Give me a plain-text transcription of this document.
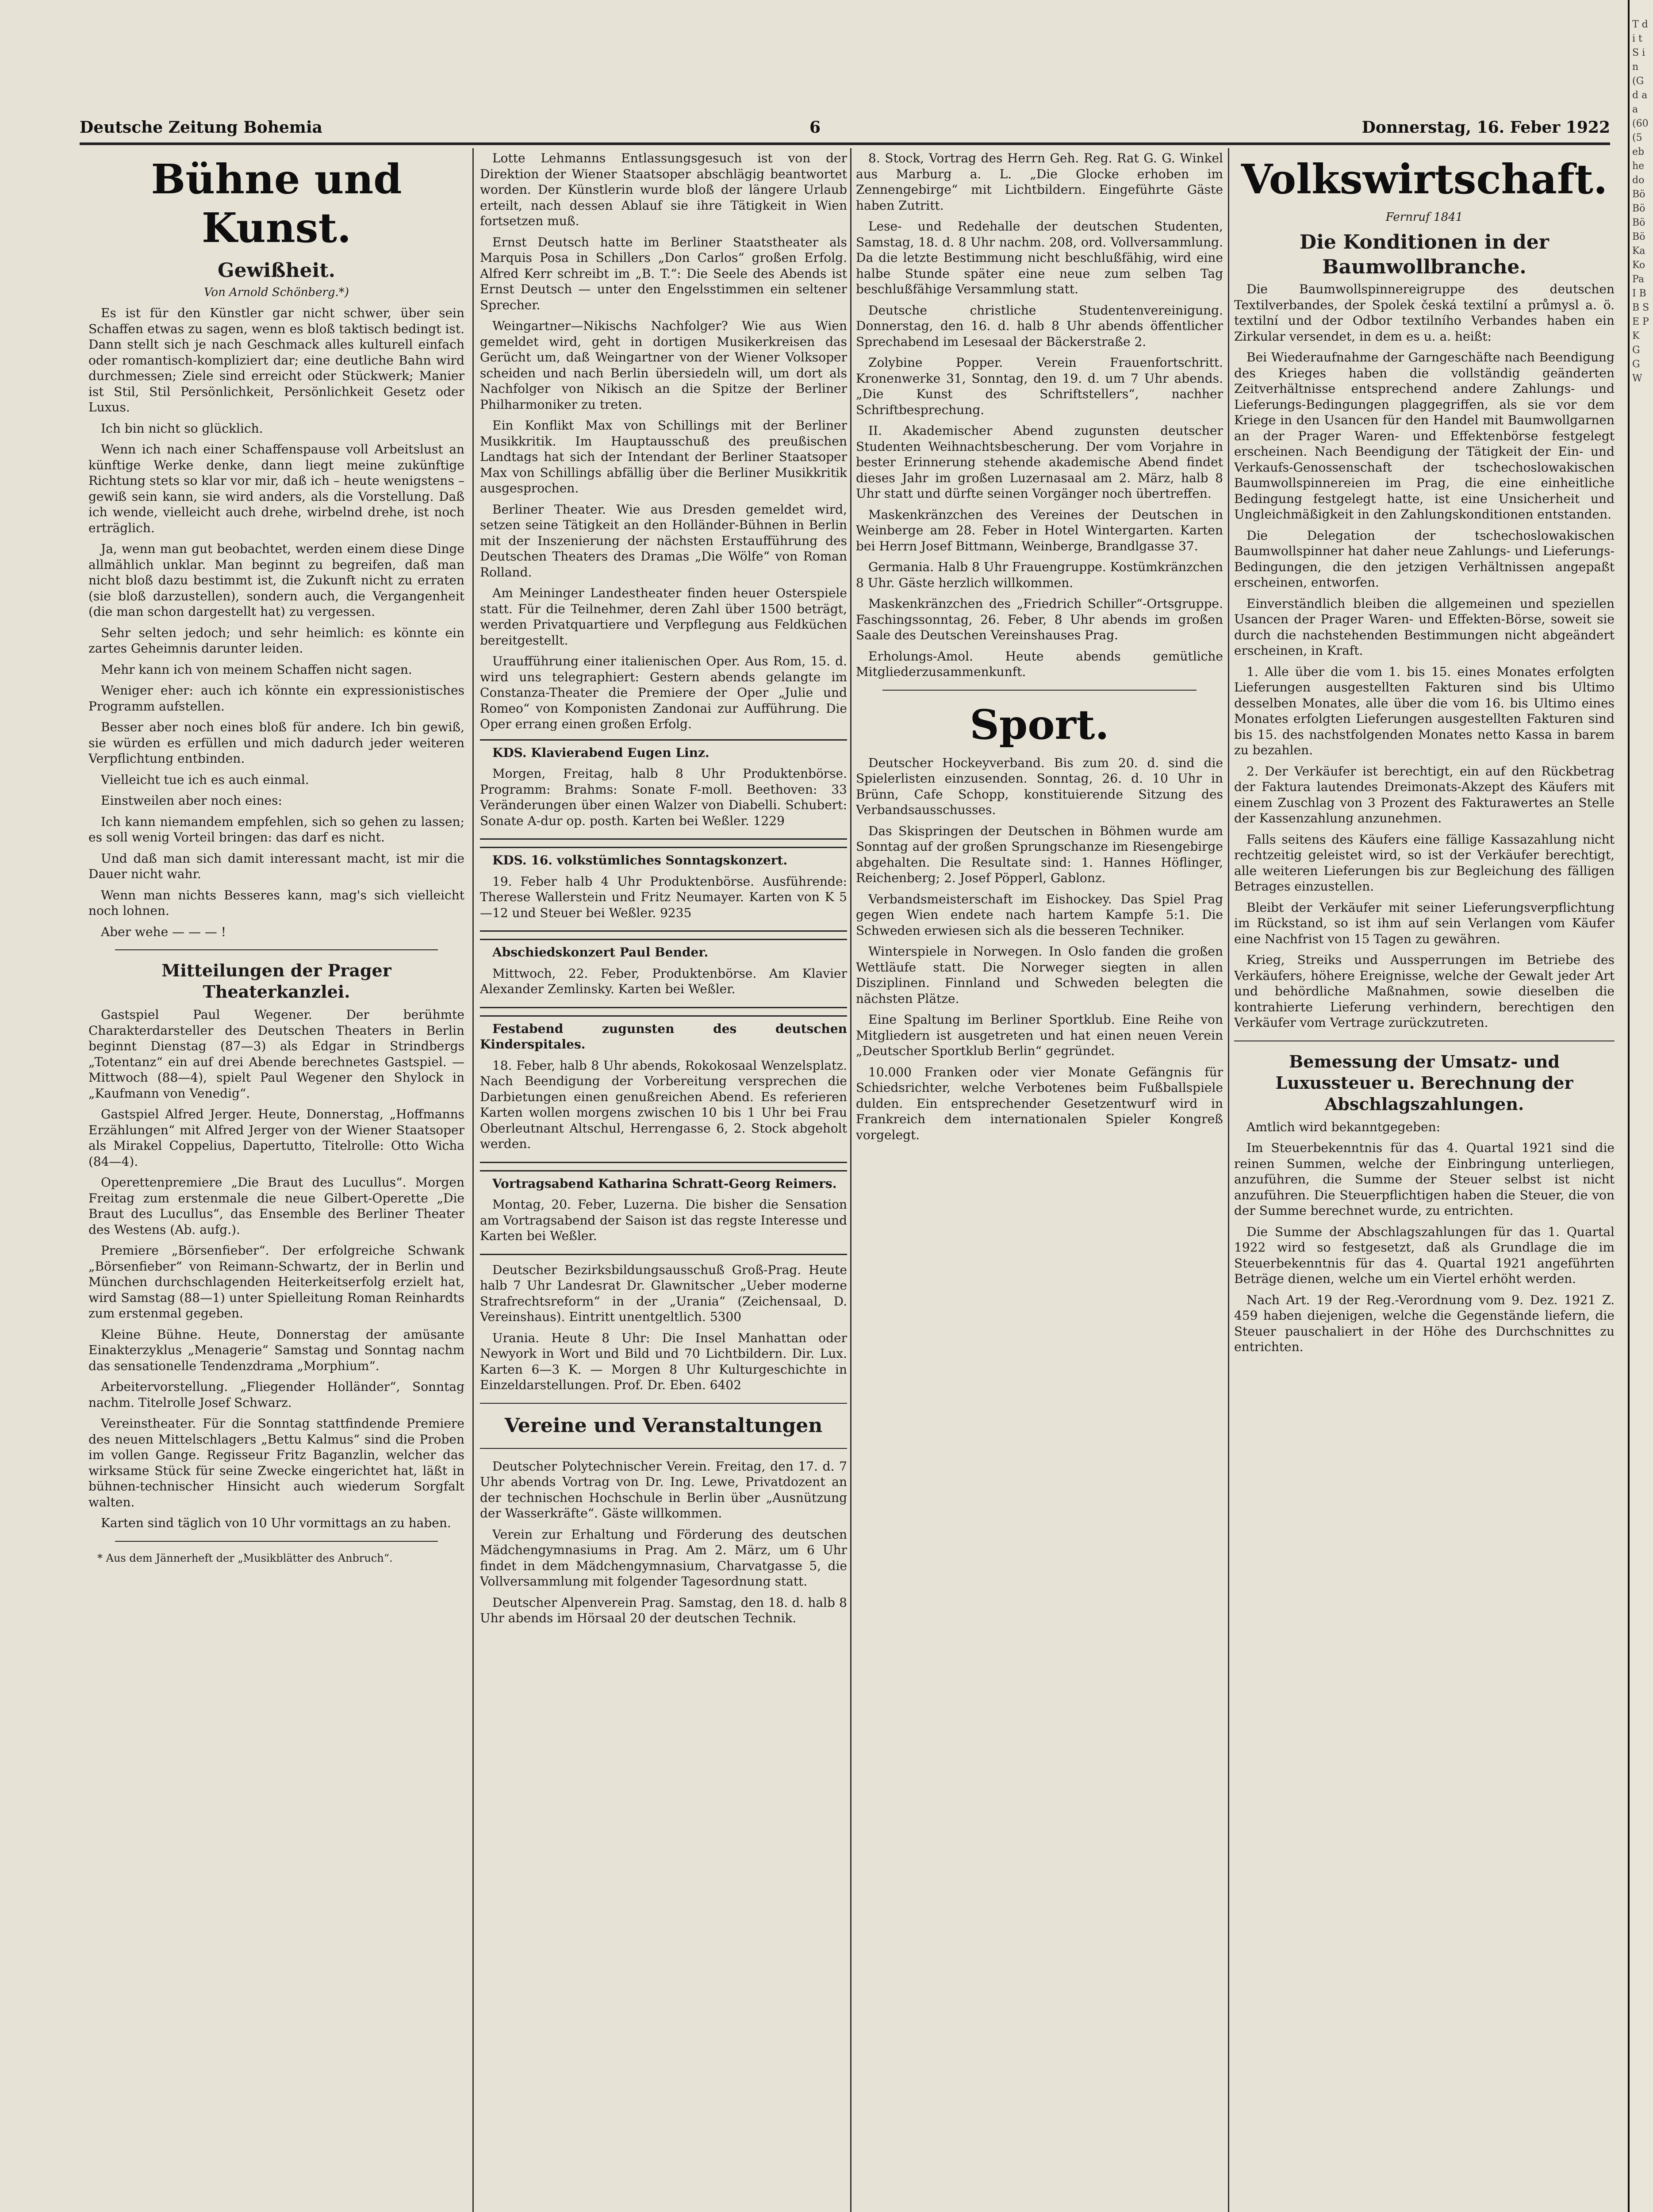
Deutsche Zeitung Bohemia	6	Donnerstag, 16. Feber 1922
Bühne und Kunst.
Gewißheit.
Von Arnold Schönberg.*)

Es ist für den Künstler gar nicht schwer, über sein Schaffen etwas zu sagen, wenn es bloß taktisch bedingt ist. Dann stellt sich je nach Geschmack alles kulturell einfach oder romantisch-kompliziert dar; eine deutliche Bahn wird durchmessen; Ziele sind erreicht oder Stückwerk; Manier ist Stil, Stil Persönlichkeit, Persönlichkeit Gesetz oder Luxus.

Ich bin nicht so glücklich.

Wenn ich nach einer Schaffenspause voll Arbeitslust an künftige Werke denke, dann liegt meine zukünftige Richtung stets so klar vor mir, daß ich – heute wenigstens – gewiß sein kann, sie wird anders, als die Vorstellung. Daß ich wende, vielleicht auch drehe, wirbelnd drehe, ist noch erträglich.

Ja, wenn man gut beobachtet, werden einem diese Dinge allmählich unklar. Man beginnt zu begreifen, daß man nicht bloß dazu bestimmt ist, die Zukunft nicht zu erraten (sie bloß darzustellen), sondern auch, die Vergangenheit (die man schon dargestellt hat) zu vergessen.

Sehr selten jedoch; und sehr heimlich: es könnte ein zartes Geheimnis darunter leiden.

Mehr kann ich von meinem Schaffen nicht sagen.

Weniger eher: auch ich könnte ein expressionistisches Programm aufstellen.

Besser aber noch eines bloß für andere. Ich bin gewiß, sie würden es erfüllen und mich dadurch jeder weiteren Verpflichtung entbinden.

Vielleicht tue ich es auch einmal.

Einstweilen aber noch eines:

Ich kann niemandem empfehlen, sich so gehen zu lassen; es soll wenig Vorteil bringen: das darf es nicht.

Und daß man sich damit interessant macht, ist mir die Dauer nicht wahr.

Wenn man nichts Besseres kann, mag's sich vielleicht noch lohnen.

Aber wehe — — — !

Mitteilungen der Prager Theaterkanzlei.

Gastspiel Paul Wegener. Der berühmte Charakterdarsteller des Deutschen Theaters in Berlin beginnt Dienstag (87—3) als Edgar in Strindbergs „Totentanz“ ein auf drei Abende berechnetes Gastspiel. — Mittwoch (88—4), spielt Paul Wegener den Shylock in „Kaufmann von Venedig“.

Gastspiel Alfred Jerger. Heute, Donnerstag, „Hoffmanns Erzählungen“ mit Alfred Jerger von der Wiener Staatsoper als Mirakel Coppelius, Dapertutto, Titelrolle: Otto Wicha (84—4).

Operettenpremiere „Die Braut des Lucullus“. Morgen Freitag zum erstenmale die neue Gilbert-Operette „Die Braut des Lucullus“, das Ensemble des Berliner Theater des Westens (Ab. aufg.).

Premiere „Börsenfieber“. Der erfolgreiche Schwank „Börsenfieber“ von Reimann-Schwartz, der in Berlin und München durchschlagenden Heiterkeitserfolg erzielt hat, wird Samstag (88—1) unter Spielleitung Roman Reinhardts zum erstenmal gegeben.

Kleine Bühne. Heute, Donnerstag der amüsante Einakterzyklus „Menagerie“ Samstag und Sonntag nachm das sensationelle Tendenzdrama „Morphium“.

Arbeitervorstellung. „Fliegender Holländer“, Sonntag nachm. Titelrolle Josef Schwarz.

Vereinstheater. Für die Sonntag stattfindende Premiere des neuen Mittelschlagers „Bettu Kalmus“ sind die Proben im vollen Gange. Regisseur Fritz Baganzlin, welcher das wirksame Stück für seine Zwecke eingerichtet hat, läßt in bühnen-technischer Hinsicht auch wiederum Sorgfalt walten.

Karten sind täglich von 10 Uhr vormittags an zu haben.

* Aus dem Jännerheft der „Musikblätter des Anbruch“.

Lotte Lehmanns Entlassungsgesuch ist von der Direktion der Wiener Staatsoper abschlägig beantwortet worden. Der Künstlerin wurde bloß der längere Urlaub erteilt, nach dessen Ablauf sie ihre Tätigkeit in Wien fortsetzen muß.

Ernst Deutsch hatte im Berliner Staatstheater als Marquis Posa in Schillers „Don Carlos“ großen Erfolg. Alfred Kerr schreibt im „B. T.“: Die Seele des Abends ist Ernst Deutsch — unter den Engelsstimmen ein seltener Sprecher.

Weingartner—Nikischs Nachfolger? Wie aus Wien gemeldet wird, geht in dortigen Musikerkreisen das Gerücht um, daß Weingartner von der Wiener Volksoper scheiden und nach Berlin übersiedeln will, um dort als Nachfolger von Nikisch an die Spitze der Berliner Philharmoniker zu treten.

Ein Konflikt Max von Schillings mit der Berliner Musikkritik. Im Hauptausschuß des preußischen Landtags hat sich der Intendant der Berliner Staatsoper Max von Schillings abfällig über die Berliner Musikkritik ausgesprochen.

Berliner Theater. Wie aus Dresden gemeldet wird, setzen seine Tätigkeit an den Holländer-Bühnen in Berlin mit der Inszenierung der nächsten Erstaufführung des Deutschen Theaters des Dramas „Die Wölfe“ von Roman Rolland.

Am Meininger Landestheater finden heuer Osterspiele statt. Für die Teilnehmer, deren Zahl über 1500 beträgt, werden Privatquartiere und Verpflegung aus Feldküchen bereitgestellt.

Uraufführung einer italienischen Oper. Aus Rom, 15. d. wird uns telegraphiert: Gestern abends gelangte im Constanza-Theater die Premiere der Oper „Julie und Romeo“ von Komponisten Zandonai zur Aufführung. Die Oper errang einen großen Erfolg.

KDS. Klavierabend Eugen Linz.

Morgen, Freitag, halb 8 Uhr Produktenbörse. Programm: Brahms: Sonate F-moll. Beethoven: 33 Veränderungen über einen Walzer von Diabelli. Schubert: Sonate A-dur op. posth. Karten bei Weßler. 1229

KDS. 16. volkstümliches Sonntagskonzert.

19. Feber halb 4 Uhr Produktenbörse. Ausführende: Therese Wallerstein und Fritz Neumayer. Karten von K 5—12 und Steuer bei Weßler. 9235

Abschiedskonzert Paul Bender.

Mittwoch, 22. Feber, Produktenbörse. Am Klavier Alexander Zemlinsky. Karten bei Weßler.

Festabend zugunsten des deutschen Kinderspitales.

18. Feber, halb 8 Uhr abends, Rokokosaal Wenzelsplatz. Nach Beendigung der Vorbereitung versprechen die Darbietungen einen genußreichen Abend. Es referieren Karten wollen morgens zwischen 10 bis 1 Uhr bei Frau Oberleutnant Altschul, Herrengasse 6, 2. Stock abgeholt werden.

Vortragsabend Katharina Schratt-Georg Reimers.

Montag, 20. Feber, Luzerna. Die bisher die Sensation am Vortragsabend der Saison ist das regste Interesse und Karten bei Weßler.

Deutscher Bezirksbildungsausschuß Groß-Prag. Heute halb 7 Uhr Landesrat Dr. Glawnitscher „Ueber moderne Strafrechtsreform“ in der „Urania“ (Zeichensaal, D. Vereinshaus). Eintritt unentgeltlich. 5300

Urania. Heute 8 Uhr: Die Insel Manhattan oder Newyork in Wort und Bild und 70 Lichtbildern. Dir. Lux. Karten 6—3 K. — Morgen 8 Uhr Kulturgeschichte in Einzeldarstellungen. Prof. Dr. Eben. 6402

Vereine und Veranstaltungen

Deutscher Polytechnischer Verein. Freitag, den 17. d. 7 Uhr abends Vortrag von Dr. Ing. Lewe, Privatdozent an der technischen Hochschule in Berlin über „Ausnützung der Wasserkräfte“. Gäste willkommen.

Verein zur Erhaltung und Förderung des deutschen Mädchengymnasiums in Prag. Am 2. März, um 6 Uhr findet in dem Mädchengymnasium, Charvatgasse 5, die Vollversammlung mit folgender Tagesordnung statt.

Deutscher Alpenverein Prag. Samstag, den 18. d. halb 8 Uhr abends im Hörsaal 20 der deutschen Technik.

8. Stock, Vortrag des Herrn Geh. Reg. Rat G. G. Winkel aus Marburg a. L. „Die Glocke erhoben im Zennengebirge“ mit Lichtbildern. Eingeführte Gäste haben Zutritt.

Lese- und Redehalle der deutschen Studenten, Samstag, 18. d. 8 Uhr nachm. 208, ord. Vollversammlung. Da die letzte Bestimmung nicht beschlußfähig, wird eine halbe Stunde später eine neue zum selben Tag beschlußfähige Versammlung statt.

Deutsche christliche Studentenvereinigung. Donnerstag, den 16. d. halb 8 Uhr abends öffentlicher Sprechabend im Lesesaal der Bäckerstraße 2.

Zolybine Popper. Verein Frauenfortschritt. Kronenwerke 31, Sonntag, den 19. d. um 7 Uhr abends. „Die Kunst des Schriftstellers“, nachher Schriftbesprechung.

II. Akademischer Abend zugunsten deutscher Studenten Weihnachtsbescherung. Der vom Vorjahre in bester Erinnerung stehende akademische Abend findet dieses Jahr im großen Luzernasaal am 2. März, halb 8 Uhr statt und dürfte seinen Vorgänger noch übertreffen.

Maskenkränzchen des Vereines der Deutschen in Weinberge am 28. Feber in Hotel Wintergarten. Karten bei Herrn Josef Bittmann, Weinberge, Brandlgasse 37.

Germania. Halb 8 Uhr Frauengruppe. Kostümkränzchen 8 Uhr. Gäste herzlich willkommen.

Maskenkränzchen des „Friedrich Schiller“-Ortsgruppe. Faschingssonntag, 26. Feber, 8 Uhr abends im großen Saale des Deutschen Vereinshauses Prag.

Erholungs-Amol. Heute abends gemütliche Mitgliederzusammenkunft.

Sport.

Deutscher Hockeyverband. Bis zum 20. d. sind die Spielerlisten einzusenden. Sonntag, 26. d. 10 Uhr in Brünn, Cafe Schopp, konstituierende Sitzung des Verbandsausschusses.

Das Skispringen der Deutschen in Böhmen wurde am Sonntag auf der großen Sprungschanze im Riesengebirge abgehalten. Die Resultate sind: 1. Hannes Höflinger, Reichenberg; 2. Josef Pöpperl, Gablonz.

Verbandsmeisterschaft im Eishockey. Das Spiel Prag gegen Wien endete nach hartem Kampfe 5:1. Die Schweden erwiesen sich als die besseren Techniker.

Winterspiele in Norwegen. In Oslo fanden die großen Wettläufe statt. Die Norweger siegten in allen Disziplinen. Finnland und Schweden belegten die nächsten Plätze.

Eine Spaltung im Berliner Sportklub. Eine Reihe von Mitgliedern ist ausgetreten und hat einen neuen Verein „Deutscher Sportklub Berlin“ gegründet.

10.000 Franken oder vier Monate Gefängnis für Schiedsrichter, welche Verbotenes beim Fußballspiele dulden. Ein entsprechender Gesetzentwurf wird in Frankreich dem internationalen Spieler Kongreß vorgelegt.

Volkswirtschaft.
Fernruf 1841
Die Konditionen in der Baumwollbranche.

Die Baumwollspinnereigruppe des deutschen Textilverbandes, der Spolek česká textilní a průmysl a. ö. textilní und der Odbor textilního Verbandes haben ein Zirkular versendet, in dem es u. a. heißt:

Bei Wiederaufnahme der Garngeschäfte nach Beendigung des Krieges haben die vollständig geänderten Zeitverhältnisse entsprechend andere Zahlungs- und Lieferungs-Bedingungen plaggegriffen, als sie vor dem Kriege in den Usancen für den Handel mit Baumwollgarnen an der Prager Waren- und Effektenbörse festgelegt erscheinen. Nach Beendigung der Tätigkeit der Ein- und Verkaufs-Genossenschaft der tschechoslowakischen Baumwollspinnereien im Prag, die eine einheitliche Bedingung festgelegt hatte, ist eine Unsicherheit und Ungleichmäßigkeit in den Zahlungskonditionen entstanden.

Die Delegation der tschechoslowakischen Baumwollspinner hat daher neue Zahlungs- und Lieferungs-Bedingungen, die den jetzigen Verhältnissen angepaßt erscheinen, entworfen.

Einverständlich bleiben die allgemeinen und speziellen Usancen der Prager Waren- und Effekten-Börse, soweit sie durch die nachstehenden Bestimmungen nicht abgeändert erscheinen, in Kraft.

1. Alle über die vom 1. bis 15. eines Monates erfolgten Lieferungen ausgestellten Fakturen sind bis Ultimo desselben Monates, alle über die vom 16. bis Ultimo eines Monates erfolgten Lieferungen ausgestellten Fakturen sind bis 15. des nachstfolgenden Monates netto Kassa in barem zu bezahlen.

2. Der Verkäufer ist berechtigt, ein auf den Rückbetrag der Faktura lautendes Dreimonats-Akzept des Käufers mit einem Zuschlag von 3 Prozent des Fakturawertes an Stelle der Kassenzahlung anzunehmen.

Falls seitens des Käufers eine fällige Kassazahlung nicht rechtzeitig geleistet wird, so ist der Verkäufer berechtigt, alle weiteren Lieferungen bis zur Begleichung des fälligen Betrages einzustellen.

Bleibt der Verkäufer mit seiner Lieferungsverpflichtung im Rückstand, so ist ihm auf sein Verlangen vom Käufer eine Nachfrist von 15 Tagen zu gewähren.

Krieg, Streiks und Aussperrungen im Betriebe des Verkäufers, höhere Ereignisse, welche der Gewalt jeder Art und behördliche Maßnahmen, sowie dieselben die kontrahierte Lieferung verhindern, berechtigen den Verkäufer vom Vertrage zurückzutreten.

Bemessung der Umsatz- und Luxussteuer u. Berechnung der Abschlagszahlungen.

Amtlich wird bekanntgegeben:

Im Steuerbekenntnis für das 4. Quartal 1921 sind die reinen Summen, welche der Einbringung unterliegen, anzuführen, die Summe der Steuer selbst ist nicht anzuführen. Die Steuerpflichtigen haben die Steuer, die von der Summe berechnet wurde, zu entrichten.

Die Summe der Abschlagszahlungen für das 1. Quartal 1922 wird so festgesetzt, daß als Grundlage die im Steuerbekenntnis für das 4. Quartal 1921 angeführten Beträge dienen, welche um ein Viertel erhöht werden.

Nach Art. 19 der Reg.-Verordnung vom 9. Dez. 1921 Z. 459 haben diejenigen, welche die Gegenstände liefern, die Steuer pauschaliert in der Höhe des Durchschnittes zu entrichten.

T d i t S i n (G d a a (60 (5 eb he do Bö Bö Bö Bö Ka Ko Pa I B B S E P K G G W
